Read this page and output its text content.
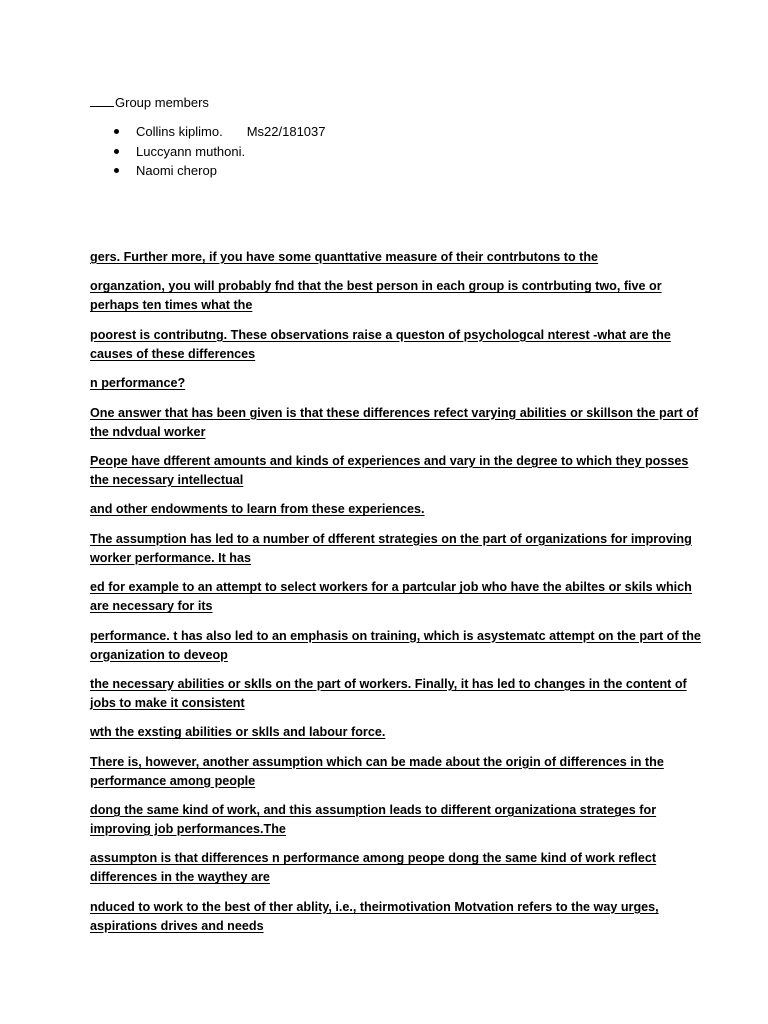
Group members
Collins kiplimo. Ms22/181037
Luccyann muthoni.
Naomi cherop

gers. Further more, if you have some quanttative measure of their contrbutons to the

organzation, you will probably fnd that the best person in each group is contrbuting two, five or
perhaps ten times what the

poorest is contributng. These observations raise a queston of psychologcal nterest -what are the
causes of these differences

n performance?

One answer that has been given is that these differences refect varying abilities or skillson the part of
the ndvdual worker

Peope have dfferent amounts and kinds of experiences and vary in the degree to which they posses
the necessary intellectual

and other endowments to learn from these experiences.

The assumption has led to a number of dfferent strategies on the part of organizations for improving
worker performance. It has

ed for example to an attempt to select workers for a partcular job who have the abiltes or skils which
are necessary for its

performance. t has also led to an emphasis on training, which is asystematc attempt on the part of the
organization to deveop

the necessary abilities or sklls on the part of workers. Finally, it has led to changes in the content of
jobs to make it consistent

wth the exsting abilities or sklls and labour force.

There is, however, another assumption which can be made about the origin of differences in the
performance among people

dong the same kind of work, and this assumption leads to different organizationa strateges for
improving job performances.The

assumpton is that differences n performance among peope dong the same kind of work reflect
differences in the waythey are

nduced to work to the best of ther ablity, i.e., theirmotivation Motvation refers to the way urges,
aspirations drives and needs
